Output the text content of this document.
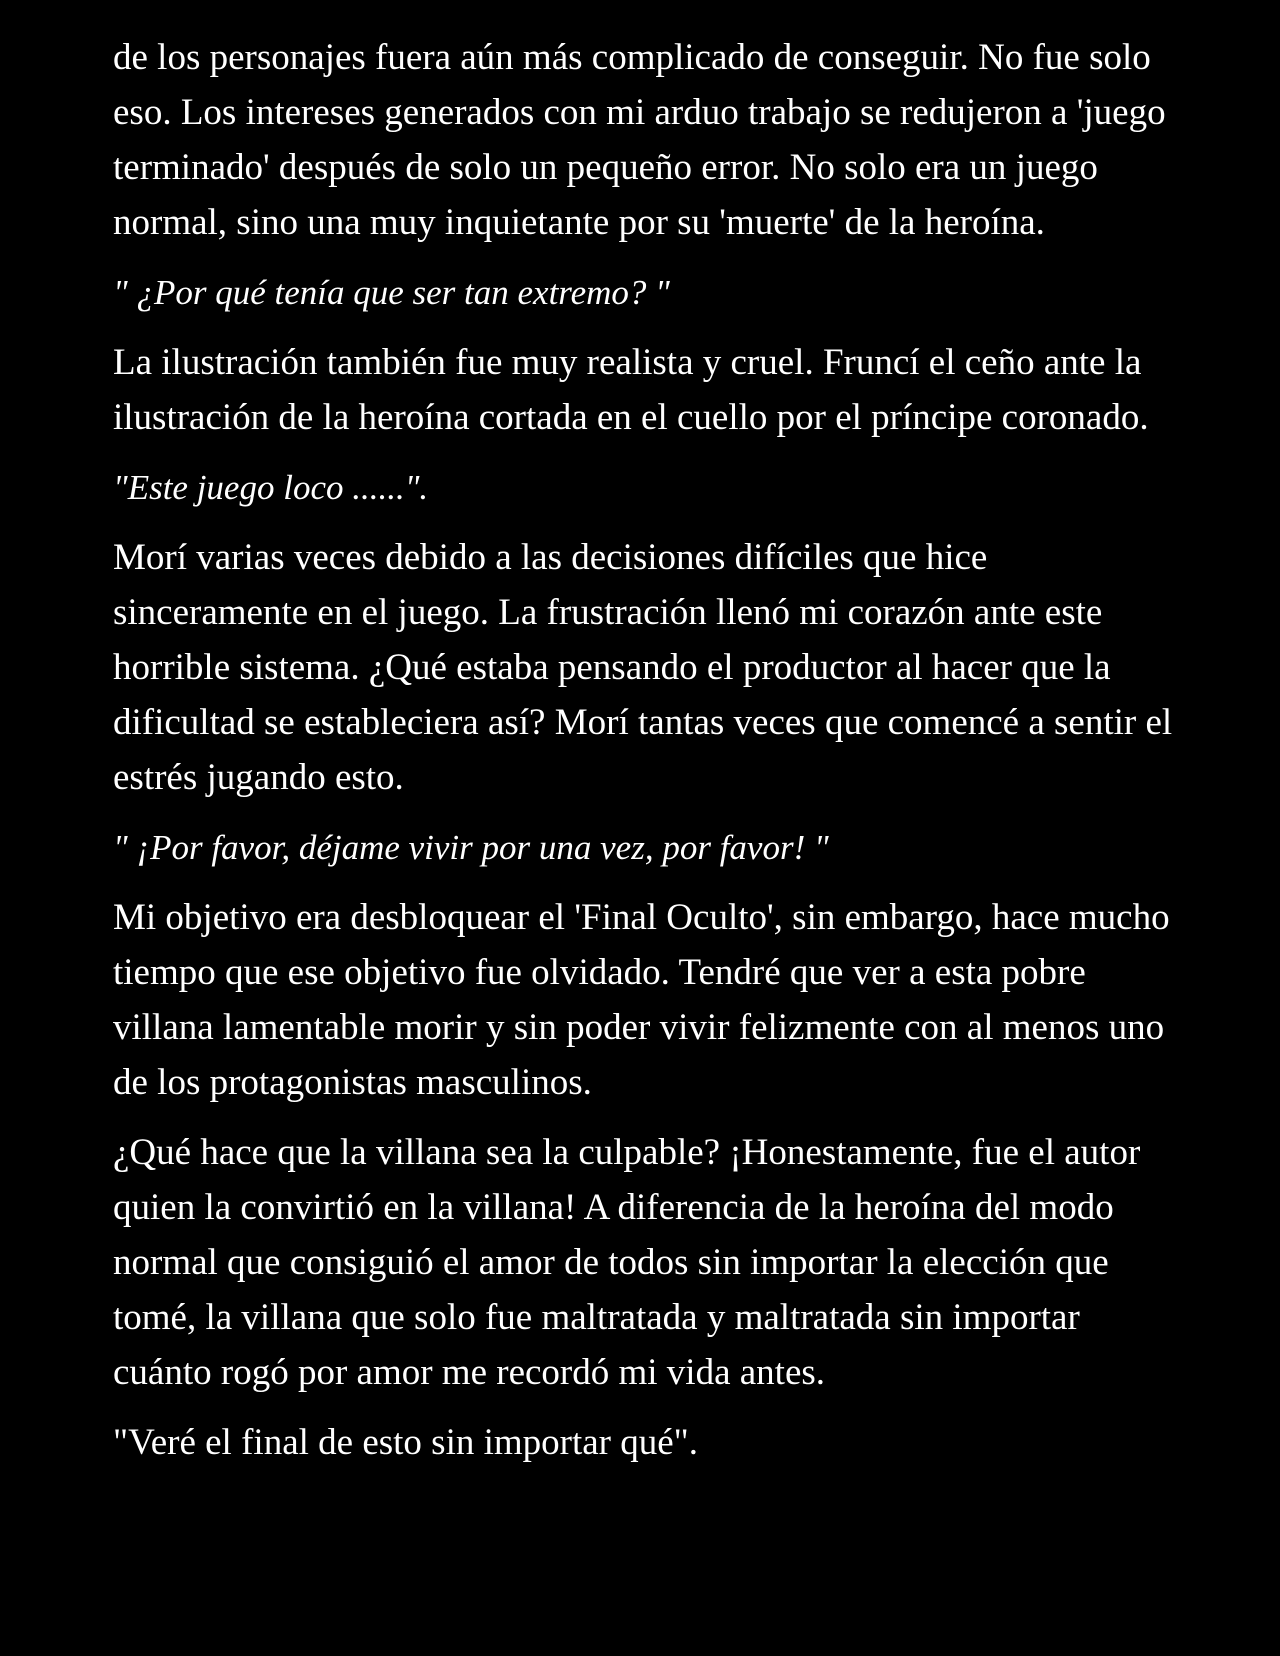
de los personajes fuera aún más complicado de conseguir. No fue solo eso. Los intereses generados con mi arduo trabajo se redujeron a 'juego terminado' después de solo un pequeño error. No solo era un juego normal, sino una muy inquietante por su 'muerte' de la heroína.

" ¿Por qué tenía que ser tan extremo? "

La ilustración también fue muy realista y cruel. Fruncí el ceño ante la ilustración de la heroína cortada en el cuello por el príncipe coronado.

"Este juego loco ......".

Morí varias veces debido a las decisiones difíciles que hice sinceramente en el juego. La frustración llenó mi corazón ante este horrible sistema. ¿Qué estaba pensando el productor al hacer que la dificultad se estableciera así? Morí tantas veces que comencé a sentir el estrés jugando esto.

" ¡Por favor, déjame vivir por una vez, por favor! "

Mi objetivo era desbloquear el 'Final Oculto', sin embargo, hace mucho tiempo que ese objetivo fue olvidado. Tendré que ver a esta pobre villana lamentable morir y sin poder vivir felizmente con al menos uno de los protagonistas masculinos.

¿Qué hace que la villana sea la culpable? ¡Honestamente, fue el autor quien la convirtió en la villana! A diferencia de la heroína del modo normal que consiguió el amor de todos sin importar la elección que tomé, la villana que solo fue maltratada y maltratada sin importar cuánto rogó por amor me recordó mi vida antes.

"Veré el final de esto sin importar qué".
